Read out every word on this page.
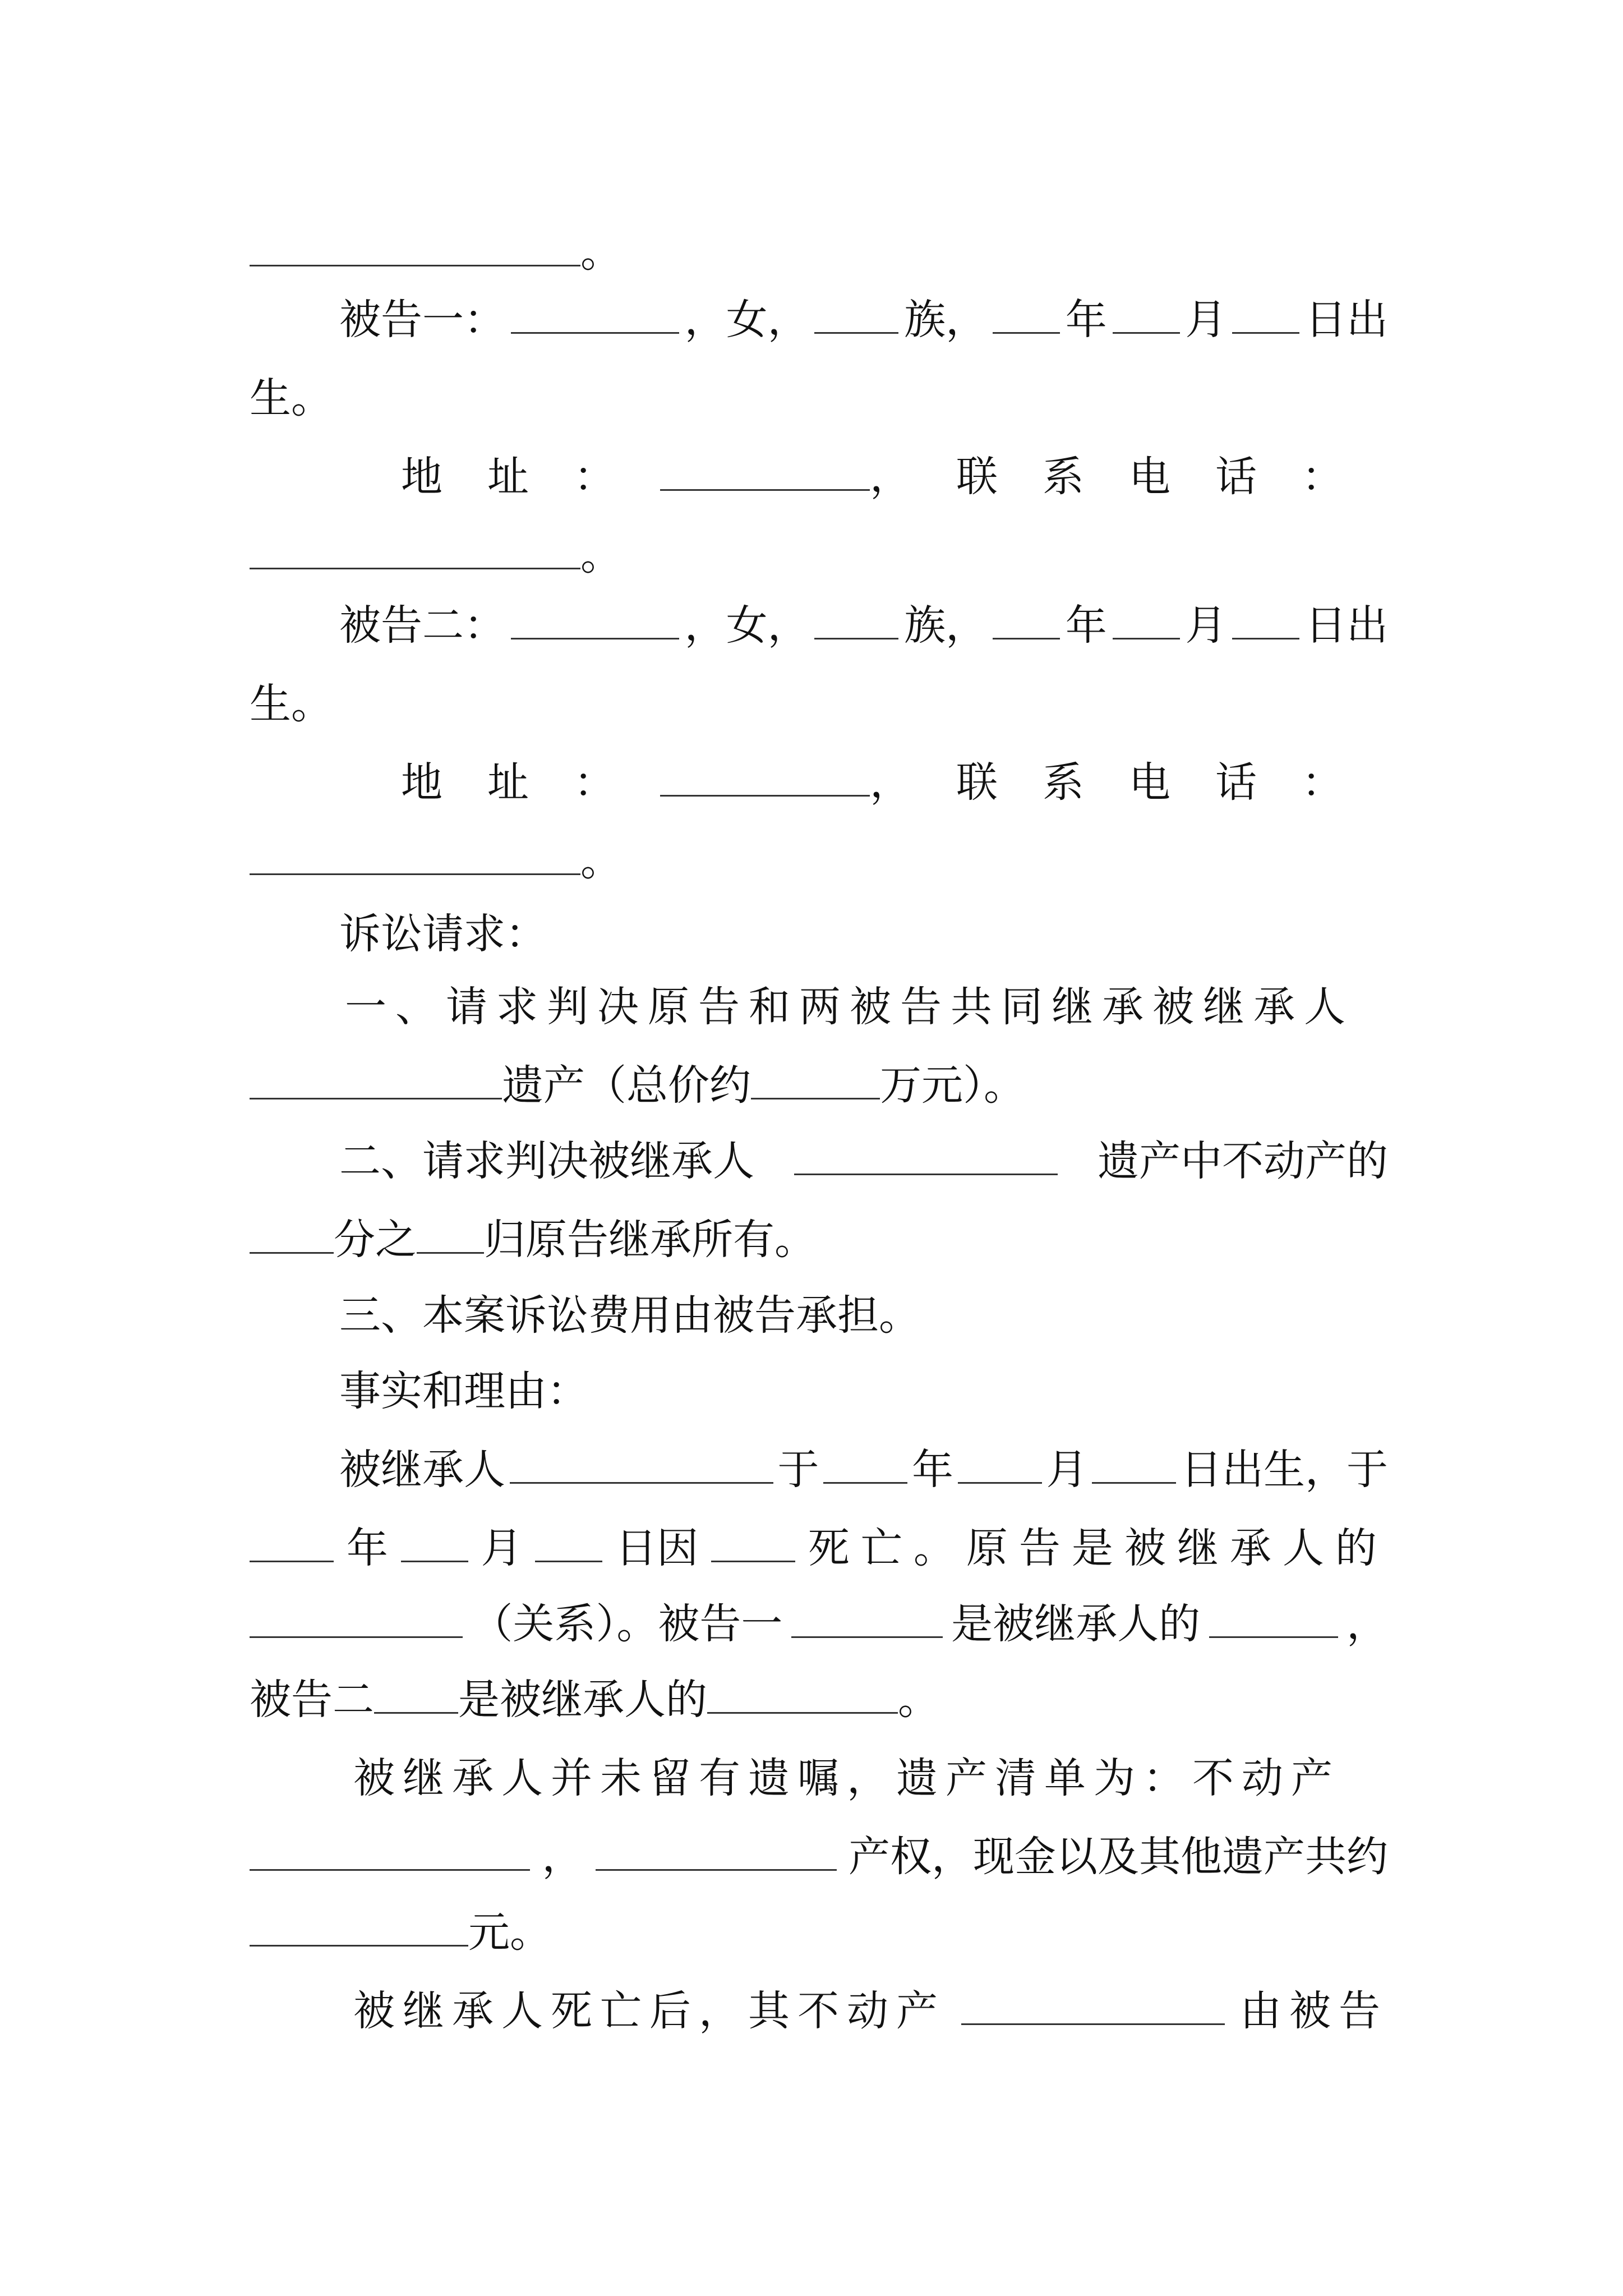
。
被告一：	，女， 族， 年 月 日出
生。
地址：	，联系电话：
。
被告二：	，女， 族， 年 月 日出
生。
地址：	，联系电话：
。
诉讼请求：
一、请求判决原告和两被告共同继承被继承人
遗产（总价约	万元）。
二、请求判决被继承人	遗产中不动产的
分之 归原告继承所有。
三、本案诉讼费用由被告承担。
事实和理由：
被继承人	于 年 月 日出生，于
年 月 日因	死亡。原告是被继承人的
（关系）。被告一	是被继承人的	，
被告二 是被继承人的	。
被继承人并未留有遗嘱，遗产清单为：不动产
，	产权，现金以及其他遗产共约
元。
被继承人死亡后，其不动产	由被告
